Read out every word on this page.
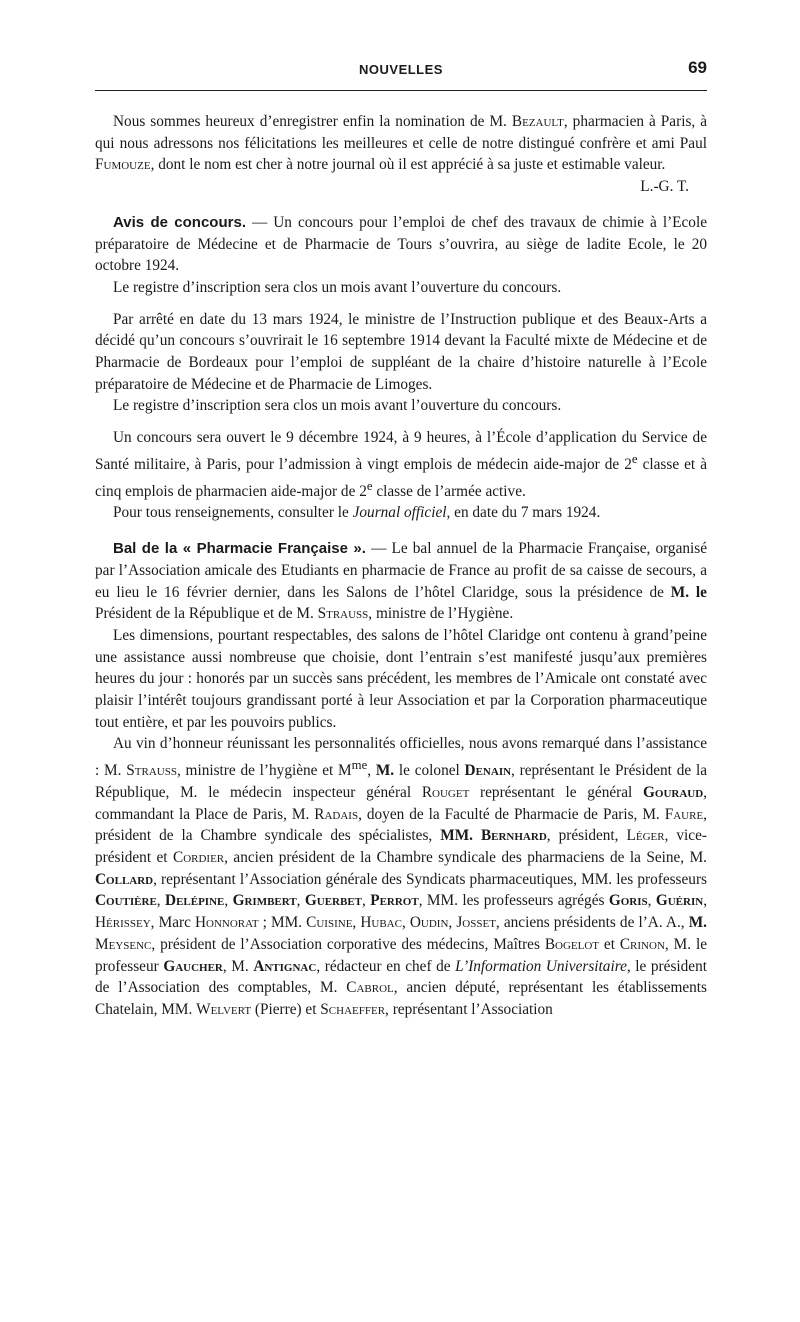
NOUVELLES	69

Nous sommes heureux d’enregistrer enfin la nomination de M. Bezault, pharmacien à Paris, à qui nous adressons nos félicitations les meilleures et celle de notre distingué confrère et ami Paul Fumouze, dont le nom est cher à notre journal où il est apprécié à sa juste et estimable valeur.

L.-G. T.

Avis de concours. — Un concours pour l’emploi de chef des travaux de chimie à l’Ecole préparatoire de Médecine et de Pharmacie de Tours s’ouvrira, au siège de ladite Ecole, le 20 octobre 1924.

Le registre d’inscription sera clos un mois avant l’ouverture du concours.

Par arrêté en date du 13 mars 1924, le ministre de l’Instruction publique et des Beaux-Arts a décidé qu’un concours s’ouvrirait le 16 septembre 1914 devant la Faculté mixte de Médecine et de Pharmacie de Bordeaux pour l’emploi de suppléant de la chaire d’histoire naturelle à l’Ecole préparatoire de Médecine et de Pharmacie de Limoges.

Le registre d’inscription sera clos un mois avant l’ouverture du concours.

Un concours sera ouvert le 9 décembre 1924, à 9 heures, à l’École d’application du Service de Santé militaire, à Paris, pour l’admission à vingt emplois de médecin aide-major de 2e classe et à cinq emplois de pharmacien aide-major de 2e classe de l’armée active.

Pour tous renseignements, consulter le Journal officiel, en date du 7 mars 1924.

Bal de la « Pharmacie Française ». — Le bal annuel de la Pharmacie Française, organisé par l’Association amicale des Etudiants en pharmacie de France au profit de sa caisse de secours, a eu lieu le 16 février dernier, dans les Salons de l’hôtel Claridge, sous la présidence de M. le Président de la République et de M. Strauss, ministre de l’Hygiène.

Les dimensions, pourtant respectables, des salons de l’hôtel Claridge ont contenu à grand’peine une assistance aussi nombreuse que choisie, dont l’entrain s’est manifesté jusqu’aux premières heures du jour : honorés par un succès sans précédent, les membres de l’Amicale ont constaté avec plaisir l’intérêt toujours grandissant porté à leur Association et par la Corporation pharmaceutique tout entière, et par les pouvoirs publics.

Au vin d’honneur réunissant les personnalités officielles, nous avons remarqué dans l’assistance : M. Strauss, ministre de l’hygiène et $M^{me}$, M. le colonel Denain, représentant le Président de la République, M. le médecin inspecteur général Rouget représentant le général Gouraud, commandant la Place de Paris, M. Radais, doyen de la Faculté de Pharmacie de Paris, M. Faure, président de la Chambre syndicale des spécialistes, MM. Bernhard, président, Léger, vice-président et Cordier, ancien président de la Chambre syndicale des pharmaciens de la Seine, M. Collard, représentant l’Association générale des Syndicats pharmaceutiques, MM. les professeurs Coutière, Delépine, Grimbert, Guerbet, Perrot, MM. les professeurs agrégés Goris, Guérin, Hérissey, Marc Honnorat ; MM. Cuisine, Hubac, Oudin, Josset, anciens présidents de l’A. A., M. Meysenc, président de l’Association corporative des médecins, Maîtres Bogelot et Crinon, M. le professeur Gaucher, M. Antignac, rédacteur en chef de L’Information Universitaire, le président de l’Association des comptables, M. Cabrol, ancien député, représentant les établissements Chatelain, MM. Welvert (Pierre) et Schaeffer, représentant l’Association
